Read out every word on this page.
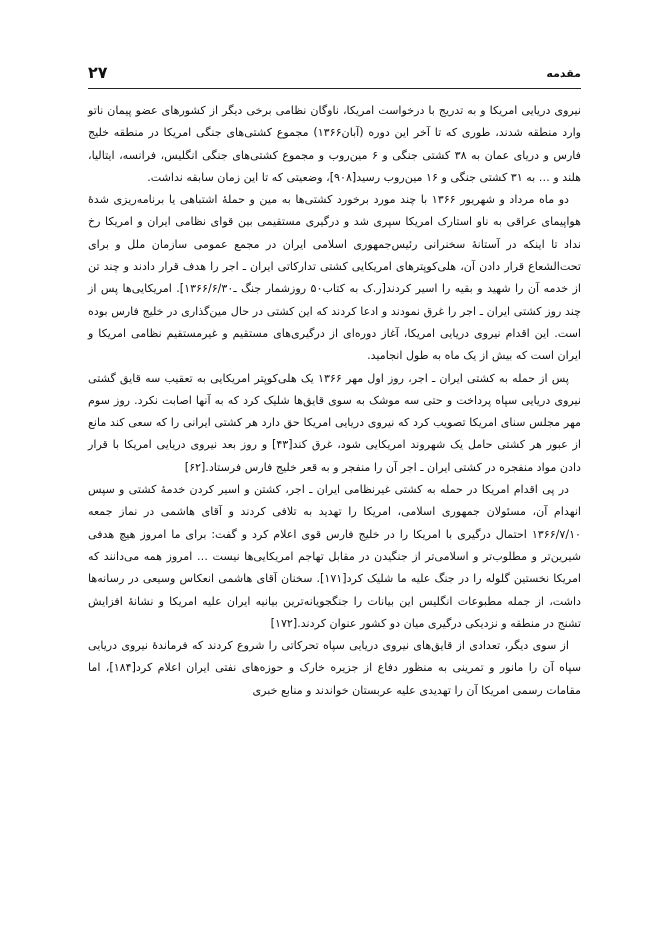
مقدمه
۲۷

نیروی دریایی امریکا و به تدریج با درخواست امریکا، ناوگان نظامی برخی دیگر از کشورهای عضو پیمان ناتو وارد منطقه شدند، طوری که تا آخر این دوره (آبان۱۳۶۶) مجموع کشتی‌های جنگی امریکا در منطقه خلیج فارس و دریای عمان به ۳۸ کشتی جنگی و ۶ مین‌روب و مجموع کشتی‌های جنگی انگلیس، فرانسه، ایتالیا، هلند و … به ۳۱ کشتی جنگی و ۱۶ مین‌روب رسید[۹۰۸]، وضعیتی که تا این زمان سابقه نداشت.

دو ماه مرداد و شهریور ۱۳۶۶ با چند مورد برخورد کشتی‌ها به مین و حملهٔ اشتباهی یا برنامه‌ریزی شدهٔ هواپیمای عراقی به ناو استارک امریکا سپری شد و درگیری مستقیمی بین قوای نظامی ایران و امریکا رخ نداد تا اینکه در آستانهٔ سخنرانی رئیس‌جمهوری اسلامی ایران در مجمع عمومی سازمان ملل و برای تحت‌الشعاع قرار دادن آن، هلی‌کوپترهای امریکایی کشتی تدارکاتی ایران ـ اجر را هدف قرار دادند و چند تن از خدمه آن را شهید و بقیه را اسیر کردند[ر.ک به کتاب۵۰ روزشمار جنگ ـ۱۳۶۶/۶/۳۰]. امریکایی‌ها پس از چند روز کشتی ایران ـ اجر را غرق نمودند و ادعا کردند که این کشتی در حال مین‌گذاری در خلیج فارس بوده است. این اقدام نیروی دریایی امریکا، آغاز دوره‌ای از درگیری‌های مستقیم و غیرمستقیم نظامی امریکا و ایران است که بیش از یک ماه به طول انجامید.

پس از حمله به کشتی ایران ـ اجر، روز اول مهر ۱۳۶۶ یک هلی‌کوپتر امریکایی به تعقیب سه قایق گشتی نیروی دریایی سپاه پرداخت و حتی سه موشک به سوی قایق‌ها شلیک کرد که به آنها اصابت نکرد. روز سوم مهر مجلس سنای امریکا تصویب کرد که نیروی دریایی امریکا حق دارد هر کشتی ایرانی را که سعی کند مانع از عبور هر کشتی حامل یک شهروند امریکایی شود، غرق کند[۴۳] و روز بعد نیروی دریایی امریکا با قرار دادن مواد منفجره در کشتی ایران ـ اجر آن را منفجر و به قعر خلیج فارس فرستاد.[۶۲]

در پی اقدام امریکا در حمله به کشتی غیرنظامی ایران ـ اجر، کشتن و اسیر کردن خدمهٔ کشتی و سپس انهدام آن، مسئولان جمهوری اسلامی، امریکا را تهدید به تلافی کردند و آقای هاشمی در نماز جمعه ۱۳۶۶/۷/۱۰ احتمال درگیری با امریکا را در خلیج فارس قوی اعلام کرد و گفت: برای ما امروز هیچ هدفی شیرین‌تر و مطلوب‌تر و اسلامی‌تر از جنگیدن در مقابل تهاجم امریکایی‌ها نیست … امروز همه می‌دانند که امریکا نخستین گلوله را در جنگ علیه ما شلیک کرد[۱۷۱]. سخنان آقای هاشمی انعکاس وسیعی در رسانه‌ها داشت، از جمله مطبوعات انگلیس این بیانات را جنگجویانه‌ترین بیانیه ایران علیه امریکا و نشانهٔ افزایش تشنج در منطقه و نزدیکی درگیری میان دو کشور عنوان کردند.[۱۷۲]

از سوی دیگر، تعدادی از قایق‌های نیروی دریایی سپاه تحرکاتی را شروع کردند که فرماندهٔ نیروی دریایی سپاه آن را مانور و تمرینی به منظور دفاع از جزیره خارک و حوزه‌های نفتی ایران اعلام کرد[۱۸۴]، اما مقامات رسمی امریکا آن را تهدیدی علیه عربستان خواندند و منابع خبری
